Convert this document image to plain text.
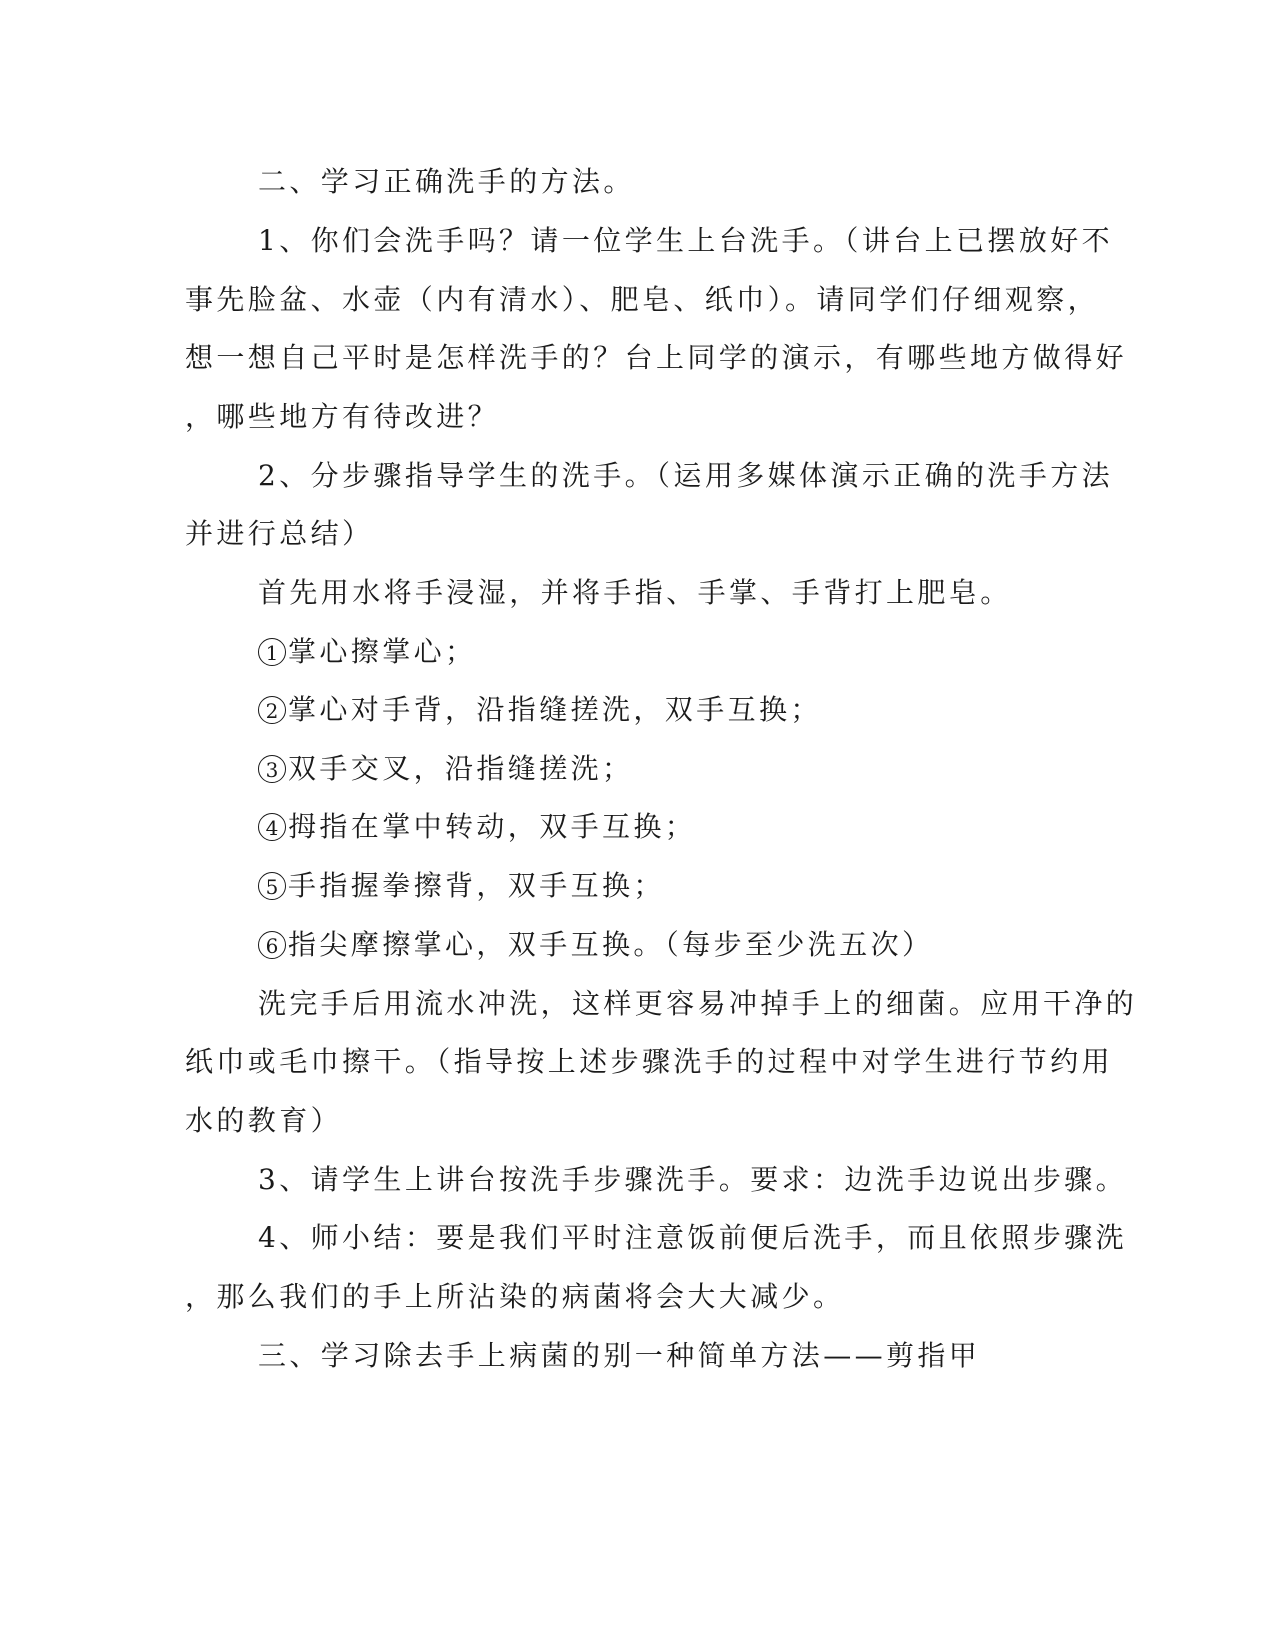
二、学习正确洗手的方法。
1、你们会洗手吗？请一位学生上台洗手。（讲台上已摆放好不
事先脸盆、水壶（内有清水）、肥皂、纸巾）。请同学们仔细观察，
想一想自己平时是怎样洗手的？台上同学的演示，有哪些地方做得好
，哪些地方有待改进？
2、分步骤指导学生的洗手。（运用多媒体演示正确的洗手方法
并进行总结）
首先用水将手浸湿，并将手指、手掌、手背打上肥皂。
1 掌心擦掌心；
2 掌心对手背，沿指缝搓洗，双手互换；
3 双手交叉，沿指缝搓洗；
4 拇指在掌中转动，双手互换；
5 手指握拳擦背，双手互换；
6 指尖摩擦掌心，双手互换。（每步至少洗五次）
洗完手后用流水冲洗，这样更容易冲掉手上的细菌。应用干净的
纸巾或毛巾擦干。（指导按上述步骤洗手的过程中对学生进行节约用
水的教育）
3、请学生上讲台按洗手步骤洗手。要求：边洗手边说出步骤。
4、师小结：要是我们平时注意饭前便后洗手，而且依照步骤洗
，那么我们的手上所沾染的病菌将会大大减少。
三、学习除去手上病菌的别一种简单方法——剪指甲
